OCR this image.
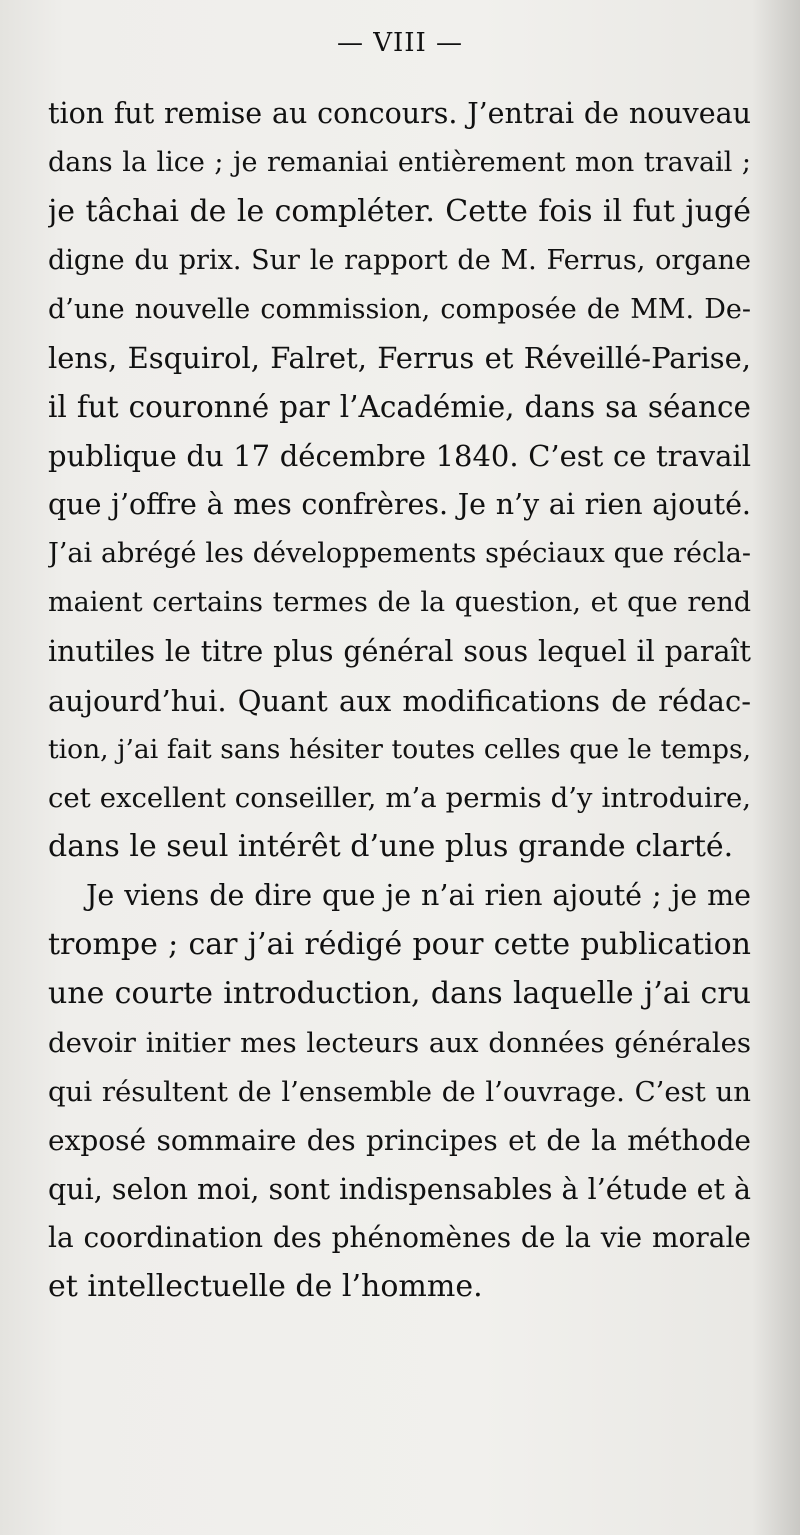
— VIII —
tion fut remise au concours. J’entrai de nouveau
dans la lice ; je remaniai entièrement mon travail ;
je tâchai de le compléter. Cette fois il fut jugé
digne du prix. Sur le rapport de M. Ferrus, organe
d’une nouvelle commission, composée de MM. De-
lens, Esquirol, Falret, Ferrus et Réveillé-Parise,
il fut couronné par l’Académie, dans sa séance
publique du 17 décembre 1840. C’est ce travail
que j’offre à mes confrères. Je n’y ai rien ajouté.
J’ai abrégé les développements spéciaux que récla-
maient certains termes de la question, et que rend
inutiles le titre plus général sous lequel il paraît
aujourd’hui. Quant aux modifications de rédac-
tion, j’ai fait sans hésiter toutes celles que le temps,
cet excellent conseiller, m’a permis d’y introduire,
dans le seul intérêt d’une plus grande clarté.
Je viens de dire que je n’ai rien ajouté ; je me
trompe ; car j’ai rédigé pour cette publication
une courte introduction, dans laquelle j’ai cru
devoir initier mes lecteurs aux données générales
qui résultent de l’ensemble de l’ouvrage. C’est un
exposé sommaire des principes et de la méthode
qui, selon moi, sont indispensables à l’étude et à
la coordination des phénomènes de la vie morale
et intellectuelle de l’homme.
